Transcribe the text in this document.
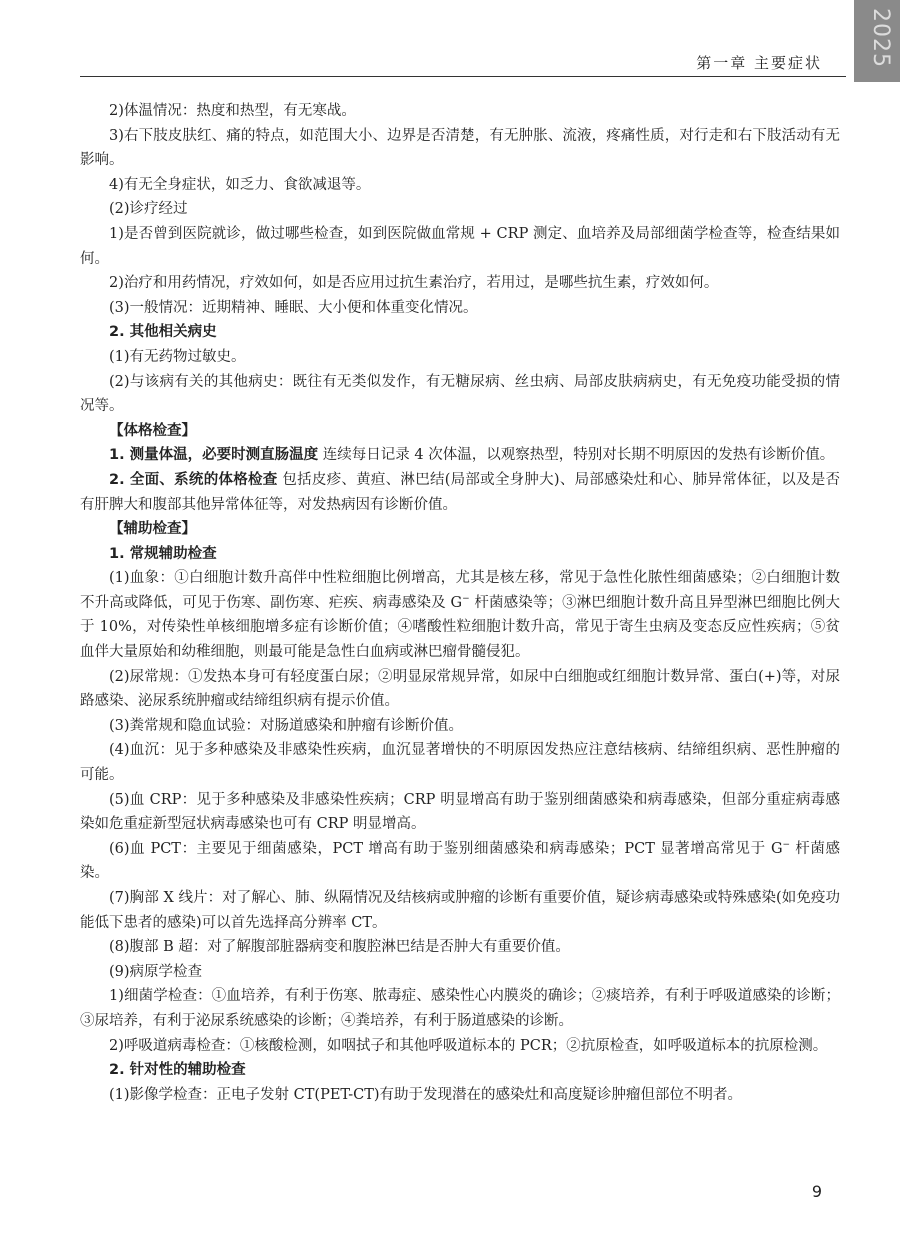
2025
第一章 主要症状

2)体温情况：热度和热型，有无寒战。

3)右下肢皮肤红、痛的特点，如范围大小、边界是否清楚，有无肿胀、流液，疼痛性质，对行走和右下肢活动有无影响。

4)有无全身症状，如乏力、食欲减退等。

(2)诊疗经过

1)是否曾到医院就诊，做过哪些检查，如到医院做血常规 + CRP 测定、血培养及局部细菌学检查等，检查结果如何。

2)治疗和用药情况，疗效如何，如是否应用过抗生素治疗，若用过，是哪些抗生素，疗效如何。

(3)一般情况：近期精神、睡眠、大小便和体重变化情况。

2. 其他相关病史

(1)有无药物过敏史。

(2)与该病有关的其他病史：既往有无类似发作，有无糖尿病、丝虫病、局部皮肤病病史，有无免疫功能受损的情况等。

【体格检查】

1. 测量体温，必要时测直肠温度 连续每日记录 4 次体温，以观察热型，特别对长期不明原因的发热有诊断价值。

2. 全面、系统的体格检查 包括皮疹、黄疸、淋巴结(局部或全身肿大)、局部感染灶和心、肺异常体征，以及是否有肝脾大和腹部其他异常体征等，对发热病因有诊断价值。

【辅助检查】

1. 常规辅助检查

(1)血象：①白细胞计数升高伴中性粒细胞比例增高，尤其是核左移，常见于急性化脓性细菌感染；②白细胞计数不升高或降低，可见于伤寒、副伤寒、疟疾、病毒感染及 G− 杆菌感染等；③淋巴细胞计数升高且异型淋巴细胞比例大于 10%，对传染性单核细胞增多症有诊断价值；④嗜酸性粒细胞计数升高，常见于寄生虫病及变态反应性疾病；⑤贫血伴大量原始和幼稚细胞，则最可能是急性白血病或淋巴瘤骨髓侵犯。

(2)尿常规：①发热本身可有轻度蛋白尿；②明显尿常规异常，如尿中白细胞或红细胞计数异常、蛋白(+)等，对尿路感染、泌尿系统肿瘤或结缔组织病有提示价值。

(3)粪常规和隐血试验：对肠道感染和肿瘤有诊断价值。

(4)血沉：见于多种感染及非感染性疾病，血沉显著增快的不明原因发热应注意结核病、结缔组织病、恶性肿瘤的可能。

(5)血 CRP：见于多种感染及非感染性疾病；CRP 明显增高有助于鉴别细菌感染和病毒感染，但部分重症病毒感染如危重症新型冠状病毒感染也可有 CRP 明显增高。

(6)血 PCT：主要见于细菌感染，PCT 增高有助于鉴别细菌感染和病毒感染；PCT 显著增高常见于 G− 杆菌感染。

(7)胸部 X 线片：对了解心、肺、纵隔情况及结核病或肿瘤的诊断有重要价值，疑诊病毒感染或特殊感染(如免疫功能低下患者的感染)可以首先选择高分辨率 CT。

(8)腹部 B 超：对了解腹部脏器病变和腹腔淋巴结是否肿大有重要价值。

(9)病原学检查

1)细菌学检查：①血培养，有利于伤寒、脓毒症、感染性心内膜炎的确诊；②痰培养，有利于呼吸道感染的诊断；③尿培养，有利于泌尿系统感染的诊断；④粪培养，有利于肠道感染的诊断。

2)呼吸道病毒检查：①核酸检测，如咽拭子和其他呼吸道标本的 PCR；②抗原检查，如呼吸道标本的抗原检测。

2. 针对性的辅助检查

(1)影像学检查：正电子发射 CT(PET-CT)有助于发现潜在的感染灶和高度疑诊肿瘤但部位不明者。

9
